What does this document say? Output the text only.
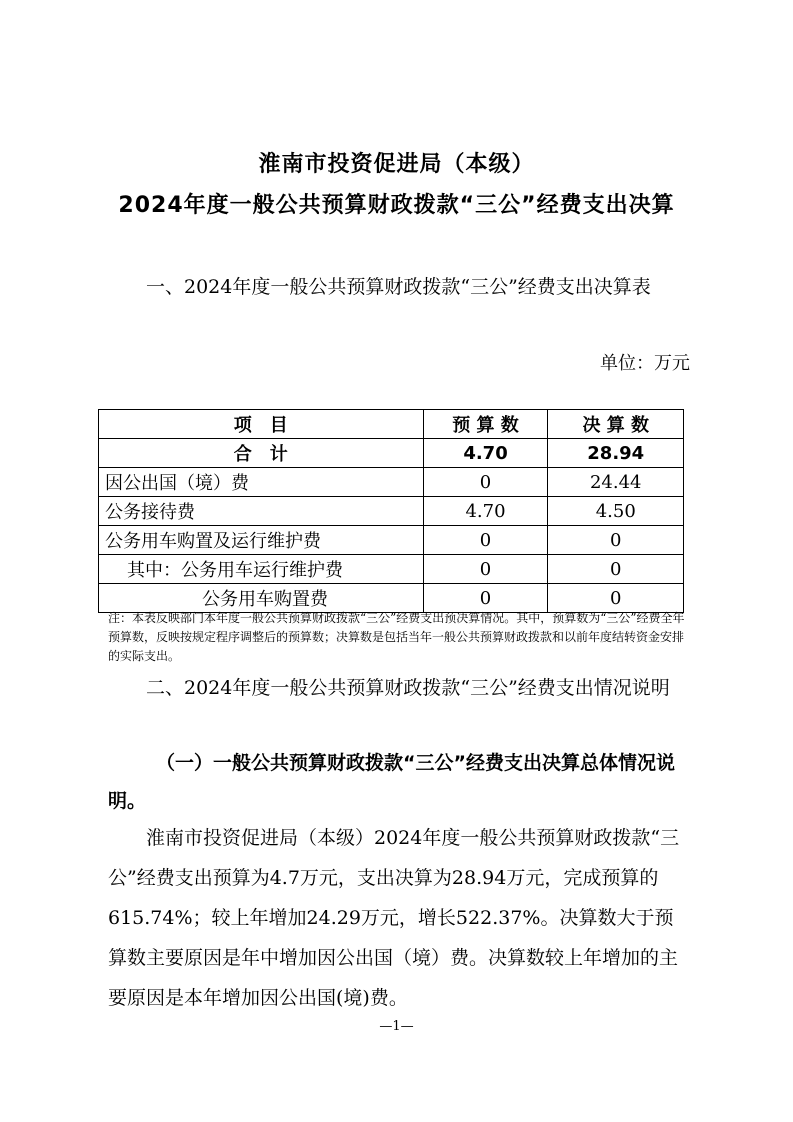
淮南市投资促进局（本级）
2024年度一般公共预算财政拨款“三公”经费支出决算
一、2024年度一般公共预算财政拨款“三公”经费支出决算表
单位：万元
项　目	预 算 数	决 算 数
合　计	4.70	28.94
因公出国（境）费	0	24.44
公务接待费	4.70	4.50
公务用车购置及运行维护费	0	0
其中：公务用车运行维护费	0	0
公务用车购置费	0	0
注：本表反映部门本年度一般公共预算财政拨款“三公”经费支出预决算情况。其中，预算数为“三公”经费全年预算数，反映按规定程序调整后的预算数；决算数是包括当年一般公共预算财政拨款和以前年度结转资金安排的实际支出。
二、2024年度一般公共预算财政拨款“三公”经费支出情况说明
（一）一般公共预算财政拨款“三公”经费支出决算总体情况说明。
淮南市投资促进局（本级）2024年度一般公共预算财政拨款“三公”经费支出预算为4.7万元，支出决算为28.94万元，完成预算的615.74%；较上年增加24.29万元，增长522.37%。决算数大于预算数主要原因是年中增加因公出国（境）费。决算数较上年增加的主要原因是本年增加因公出国(境)费。
—1—
